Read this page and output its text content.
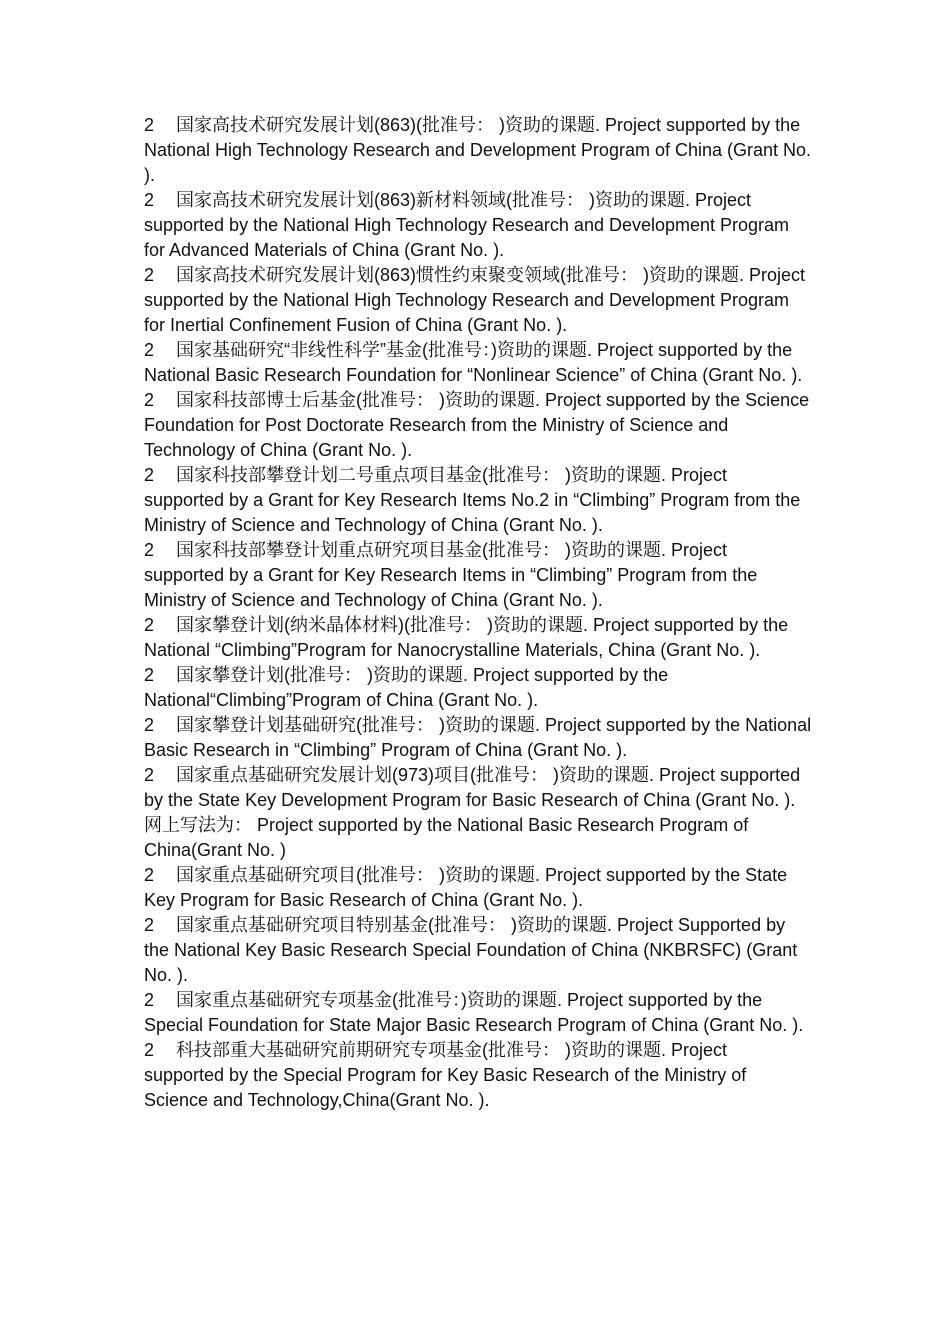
2 国家高技术研究发展计划(863)(批准号： )资助的课题. Project supported by the National High Technology Research and Development Program of China (Grant No. ).

2 国家高技术研究发展计划(863)新材料领域(批准号： )资助的课题. Project supported by the National High Technology Research and Development Program for Advanced Materials of China (Grant No. ).

2 国家高技术研究发展计划(863)惯性约束聚变领域(批准号： )资助的课题. Project supported by the National High Technology Research and Development Program for Inertial Confinement Fusion of China (Grant No. ).

2 国家基础研究“非线性科学”基金(批准号：)资助的课题. Project supported by the National Basic Research Foundation for “Nonlinear Science” of China (Grant No. ).

2 国家科技部博士后基金(批准号： )资助的课题. Project supported by the Science Foundation for Post Doctorate Research from the Ministry of Science and Technology of China (Grant No. ).

2 国家科技部攀登计划二号重点项目基金(批准号： )资助的课题. Project supported by a Grant for Key Research Items No.2 in “Climbing” Program from the Ministry of Science and Technology of China (Grant No. ).

2 国家科技部攀登计划重点研究项目基金(批准号： )资助的课题. Project supported by a Grant for Key Research Items in “Climbing” Program from the Ministry of Science and Technology of China (Grant No. ).

2 国家攀登计划(纳米晶体材料)(批准号： )资助的课题. Project supported by the National “Climbing”Program for Nanocrystalline Materials, China (Grant No. ).

2 国家攀登计划(批准号： )资助的课题. Project supported by the National“Climbing”Program of China (Grant No. ).

2 国家攀登计划基础研究(批准号： )资助的课题. Project supported by the National Basic Research in “Climbing” Program of China (Grant No. ).

2 国家重点基础研究发展计划(973)项目(批准号： )资助的课题. Project supported by the State Key Development Program for Basic Research of China (Grant No. ). 网上写法为： Project supported by the National Basic Research Program of China(Grant No. )

2 国家重点基础研究项目(批准号： )资助的课题. Project supported by the State Key Program for Basic Research of China (Grant No. ).

2 国家重点基础研究项目特别基金(批准号： )资助的课题. Project Supported by the National Key Basic Research Special Foundation of China (NKBRSFC) (Grant No. ).

2 国家重点基础研究专项基金(批准号：)资助的课题. Project supported by the Special Foundation for State Major Basic Research Program of China (Grant No. ).

2 科技部重大基础研究前期研究专项基金(批准号： )资助的课题. Project supported by the Special Program for Key Basic Research of the Ministry of Science and Technology,China(Grant No. ).
